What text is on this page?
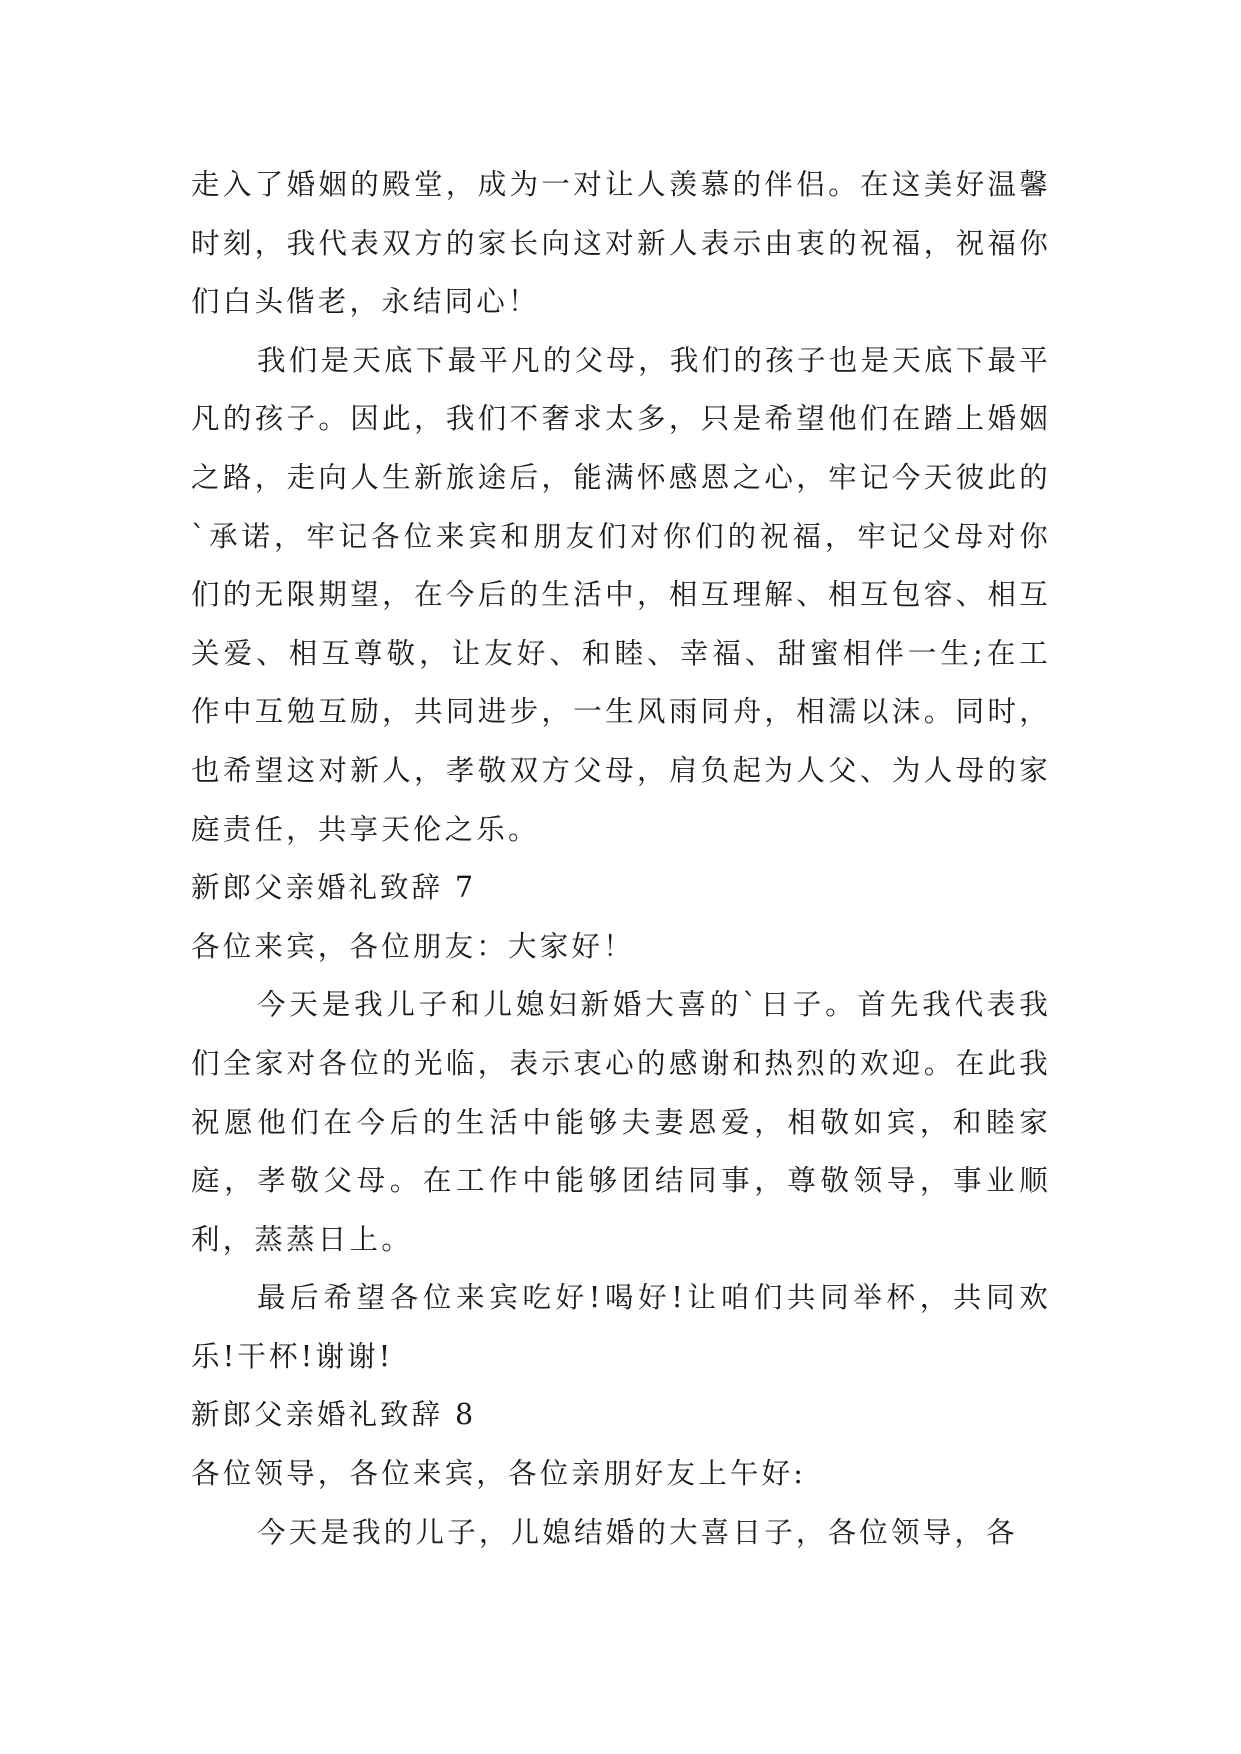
走入了婚姻的殿堂，成为一对让人羡慕的伴侣。在这美好温馨时刻，我代表双方的家长向这对新人表示由衷的祝福，祝福你们白头偕老，永结同心！

我们是天底下最平凡的父母，我们的孩子也是天底下最平凡的孩子。因此，我们不奢求太多，只是希望他们在踏上婚姻之路，走向人生新旅途后，能满怀感恩之心，牢记今天彼此的`承诺，牢记各位来宾和朋友们对你们的祝福，牢记父母对你们的无限期望，在今后的生活中，相互理解、相互包容、相互关爱、相互尊敬，让友好、和睦、幸福、甜蜜相伴一生;在工作中互勉互励，共同进步，一生风雨同舟，相濡以沫。同时，也希望这对新人，孝敬双方父母，肩负起为人父、为人母的家庭责任，共享天伦之乐。

新郎父亲婚礼致辞 7

各位来宾，各位朋友：大家好！

今天是我儿子和儿媳妇新婚大喜的`日子。首先我代表我们全家对各位的光临，表示衷心的感谢和热烈的欢迎。在此我祝愿他们在今后的生活中能够夫妻恩爱，相敬如宾，和睦家庭，孝敬父母。在工作中能够团结同事，尊敬领导，事业顺利，蒸蒸日上。

最后希望各位来宾吃好!喝好!让咱们共同举杯，共同欢乐!干杯!谢谢!

新郎父亲婚礼致辞 8

各位领导，各位来宾，各位亲朋好友上午好:

今天是我的儿子，儿媳结婚的大喜日子，各位领导，各
